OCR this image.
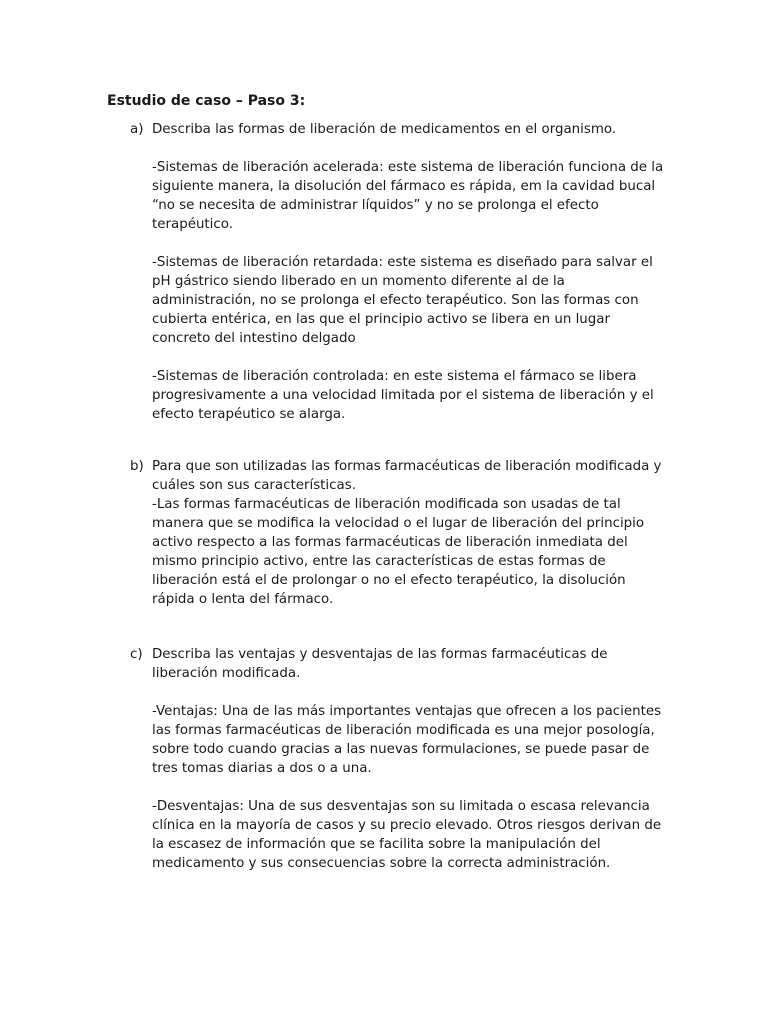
Estudio de caso – Paso 3:
a) Describa las formas de liberación de medicamentos en el organismo.

-Sistemas de liberación acelerada: este sistema de liberación funciona de la siguiente manera, la disolución del fármaco es rápida, em la cavidad bucal “no se necesita de administrar líquidos” y no se prolonga el efecto terapéutico.

-Sistemas de liberación retardada: este sistema es diseñado para salvar el pH gástrico siendo liberado en un momento diferente al de la administración, no se prolonga el efecto terapéutico. Son las formas con cubierta entérica, en las que el principio activo se libera en un lugar concreto del intestino delgado

-Sistemas de liberación controlada: en este sistema el fármaco se libera progresivamente a una velocidad limitada por el sistema de liberación y el efecto terapéutico se alarga.

b) Para que son utilizadas las formas farmacéuticas de liberación modificada y cuáles son sus características.

-Las formas farmacéuticas de liberación modificada son usadas de tal manera que se modifica la velocidad o el lugar de liberación del principio activo respecto a las formas farmacéuticas de liberación inmediata del mismo principio activo, entre las características de estas formas de liberación está el de prolongar o no el efecto terapéutico, la disolución rápida o lenta del fármaco.

c) Describa las ventajas y desventajas de las formas farmacéuticas de liberación modificada.

-Ventajas: Una de las más importantes ventajas que ofrecen a los pacientes las formas farmacéuticas de liberación modificada es una mejor posología, sobre todo cuando gracias a las nuevas formulaciones, se puede pasar de tres tomas diarias a dos o a una.

-Desventajas: Una de sus desventajas son su limitada o escasa relevancia clínica en la mayoría de casos y su precio elevado. Otros riesgos derivan de la escasez de información que se facilita sobre la manipulación del medicamento y sus consecuencias sobre la correcta administración.
